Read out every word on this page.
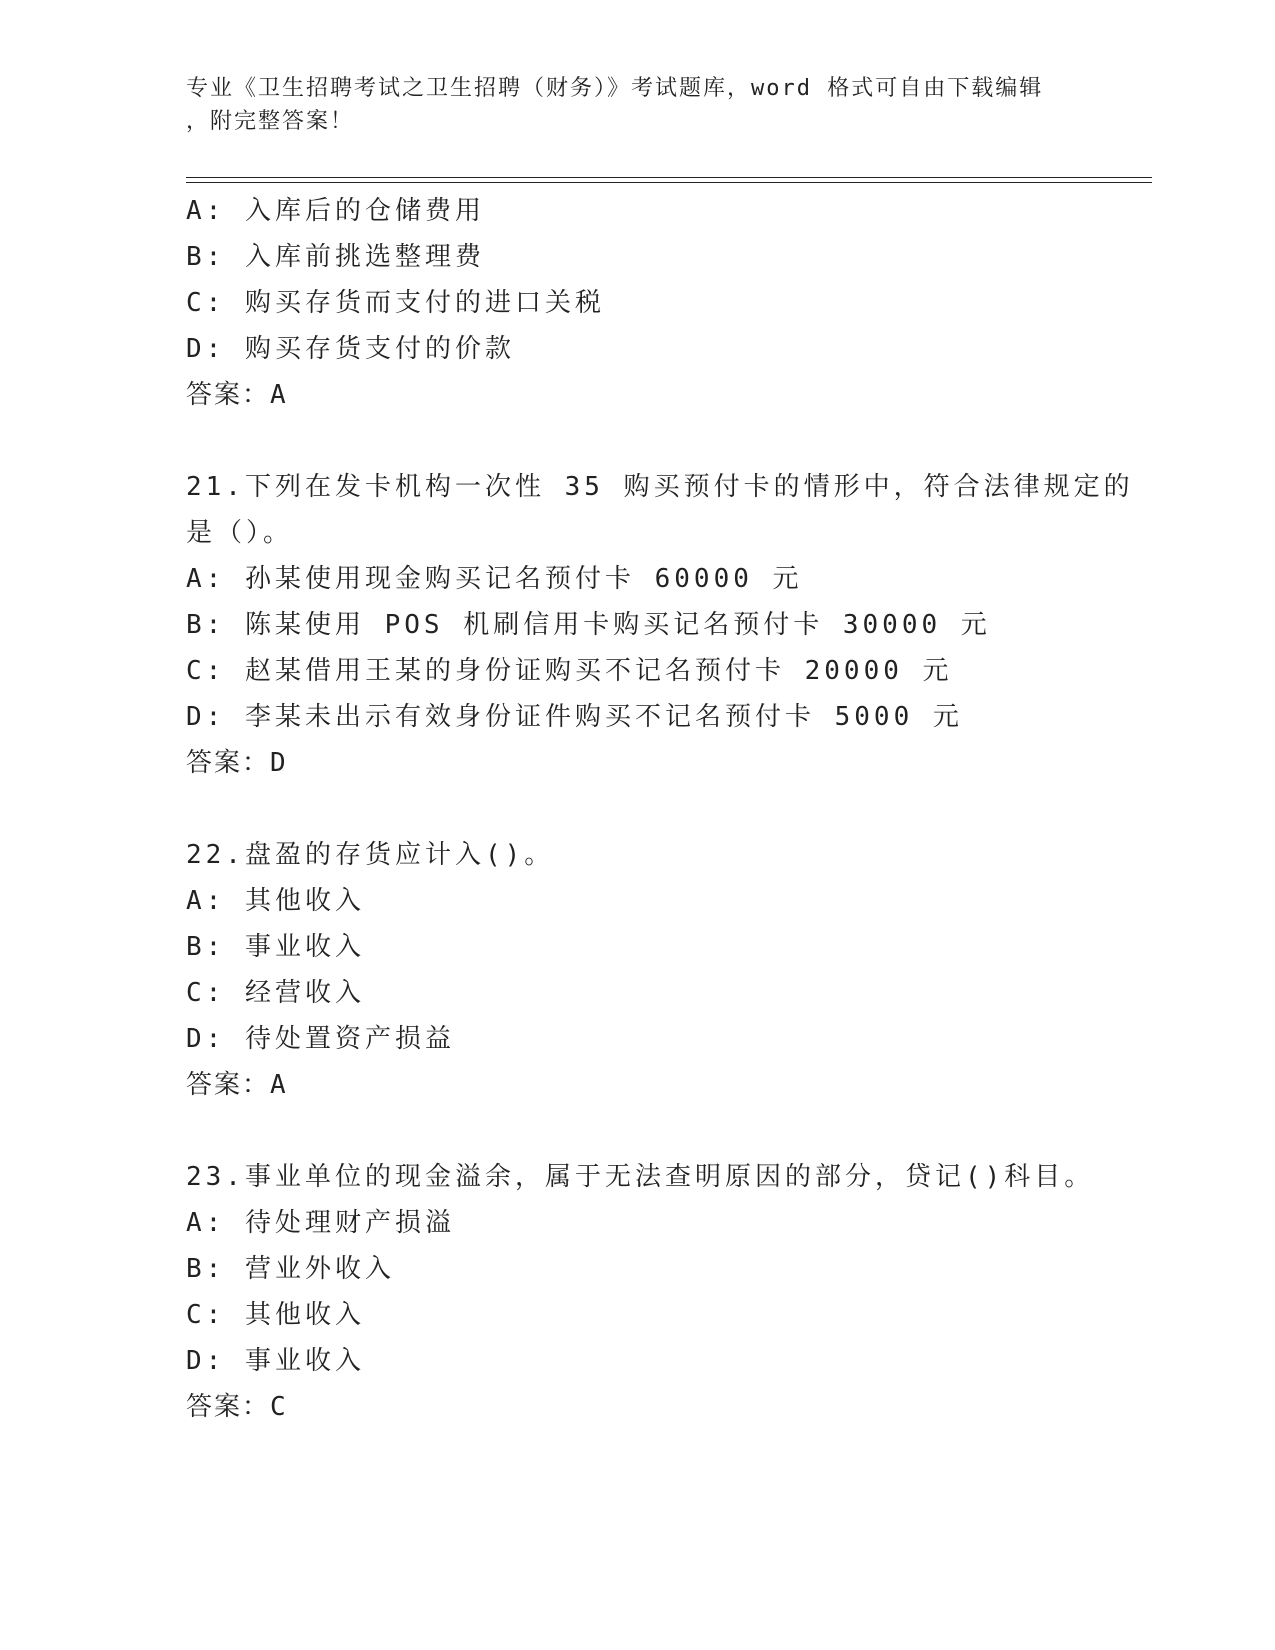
专业《卫生招聘考试之卫生招聘（财务）》考试题库，word 格式可自由下载编辑
，附完整答案！
A: 入库后的仓储费用
B: 入库前挑选整理费
C: 购买存货而支付的进口关税
D: 购买存货支付的价款
答案：A
21.下列在发卡机构一次性 35 购买预付卡的情形中，符合法律规定的
是（）。
A: 孙某使用现金购买记名预付卡 60000 元
B: 陈某使用 POS 机刷信用卡购买记名预付卡 30000 元
C: 赵某借用王某的身份证购买不记名预付卡 20000 元
D: 李某未出示有效身份证件购买不记名预付卡 5000 元
答案：D
22.盘盈的存货应计入()。
A: 其他收入
B: 事业收入
C: 经营收入
D: 待处置资产损益
答案：A
23.事业单位的现金溢余，属于无法查明原因的部分，贷记()科目。
A: 待处理财产损溢
B: 营业外收入
C: 其他收入
D: 事业收入
答案：C
